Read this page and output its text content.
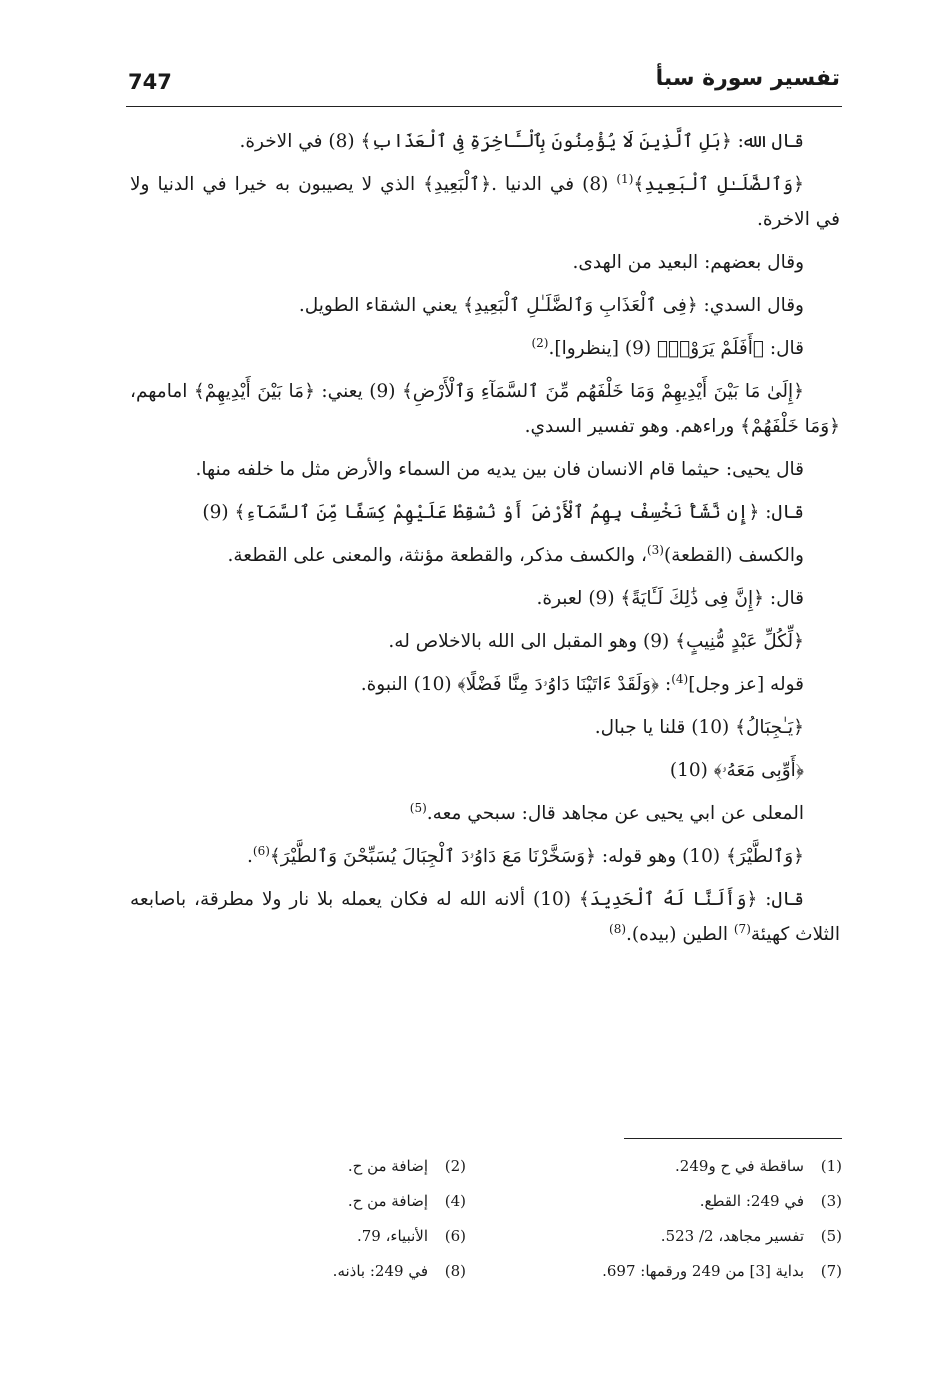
747	تفسير سورة سبأ

قال الله: ﴿بَلِ ٱلَّذِينَ لَا يُؤْمِنُونَ بِٱلْـَٔاخِرَةِ فِى ٱلْعَذَابِ﴾ (8) في الاخرة.

﴿وَٱلضَّلَـٰلِ ٱلْبَعِيدِ﴾$^{(1)}$ (8) في الدنيا .﴿ٱلْبَعِيدِ﴾ الذي لا يصيبون به خيرا في الدنيا ولا في الاخرة.

وقال بعضهم: البعيد من الهدى.

وقال السدي: ﴿فِى ٱلْعَذَابِ وَٱلضَّلَـٰلِ ٱلْبَعِيدِ﴾ يعني الشقاء الطويل.

قال: ﴿أَفَلَمْ يَرَوْا۟﴾ (9) [ينظروا].$^{(2)}$

﴿إِلَىٰ مَا بَيْنَ أَيْدِيهِمْ وَمَا خَلْفَهُم مِّنَ ٱلسَّمَآءِ وَٱلْأَرْضِ﴾ (9) يعني: ﴿مَا بَيْنَ أَيْدِيهِمْ﴾ امامهم، ﴿وَمَا خَلْفَهُمْ﴾ وراءهم. وهو تفسير السدي.

قال يحيى: حيثما قام الانسان فان بين يديه من السماء والأرض مثل ما خلفه منها.

قال: ﴿إِن نَّشَأْ نَخْسِفْ بِهِمُ ٱلْأَرْضَ أَوْ نُسْقِطْ عَلَيْهِمْ كِسَفًا مِّنَ ٱلسَّمَآءِ﴾ (9)

والكسف (القطعة)$^{(3)}$، والكسف مذكر، والقطعة مؤنثة، والمعنى على القطعة.

قال: ﴿إِنَّ فِى ذَٰلِكَ لَـَٔايَةً﴾ (9) لعبرة.

﴿لِّكُلِّ عَبْدٍ مُّنِيبٍ﴾ (9) وهو المقبل الى الله بالاخلاص له.

قوله [عز وجل]$^{(4)}$: ﴿وَلَقَدْ ءَاتَيْنَا دَاوُۥدَ مِنَّا فَضْلًا﴾ (10) النبوة.

﴿يَـٰجِبَالُ﴾ (10) قلنا يا جبال.

﴿أَوِّبِى مَعَهُۥ﴾ (10)

المعلى عن ابي يحيى عن مجاهد قال: سبحي معه.$^{(5)}$

﴿وَٱلطَّيْرَ﴾ (10) وهو قوله: ﴿وَسَخَّرْنَا مَعَ دَاوُۥدَ ٱلْجِبَالَ يُسَبِّحْنَ وَٱلطَّيْرَ﴾$^{(6)}$.

قال: ﴿وَأَلَنَّا لَهُ ٱلْحَدِيدَ﴾ (10) ألانه الله له فكان يعمله بلا نار ولا مطرقة، باصابعه الثلاث كهيئة$^{(7)}$ الطين (بيده).$^{(8)}$

(1)
ساقطة في ح و249.
(2)
إضافة من ح.
(3)
في 249: القطع.
(4)
إضافة من ح.
(5)
تفسير مجاهد، 2/ 523.
(6)
الأنبياء، 79.
(7)
بداية [3] من 249 ورقمها: 697.
(8)
في 249: باذنه.
